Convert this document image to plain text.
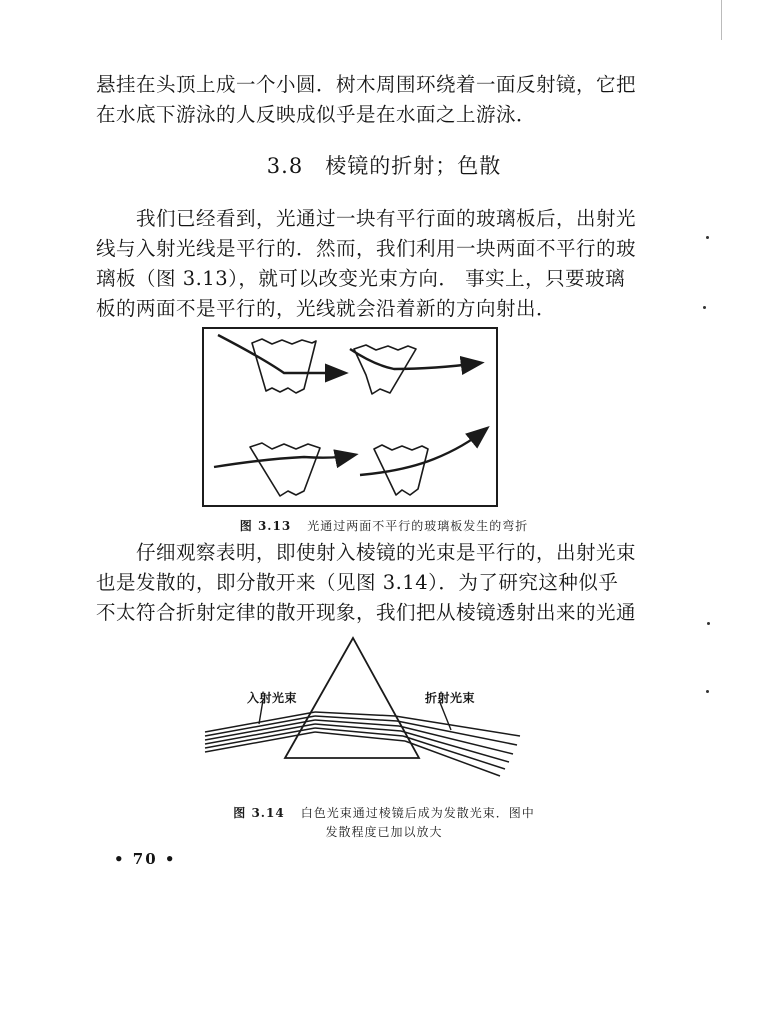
悬挂在头顶上成一个小圆．树木周围环绕着一面反射镜，它把在水底下游泳的人反映成似乎是在水面之上游泳．

3.8 棱镜的折射；色散

我们已经看到，光通过一块有平行面的玻璃板后，出射光线与入射光线是平行的．然而，我们利用一块两面不平行的玻璃板（图 3.13），就可以改变光束方向． 事实上，只要玻璃板的两面不是平行的，光线就会沿着新的方向射出．

图 3.13 光通过两面不平行的玻璃板发生的弯折

仔细观察表明，即使射入棱镜的光束是平行的，出射光束也是发散的，即分散开来（见图 3.14）．为了研究这种似乎不太符合折射定律的散开现象，我们把从棱镜透射出来的光通

入射光束	折射光束
图 3.14 白色光束通过棱镜后成为发散光束．图中
发散程度已加以放大
• 70 •
